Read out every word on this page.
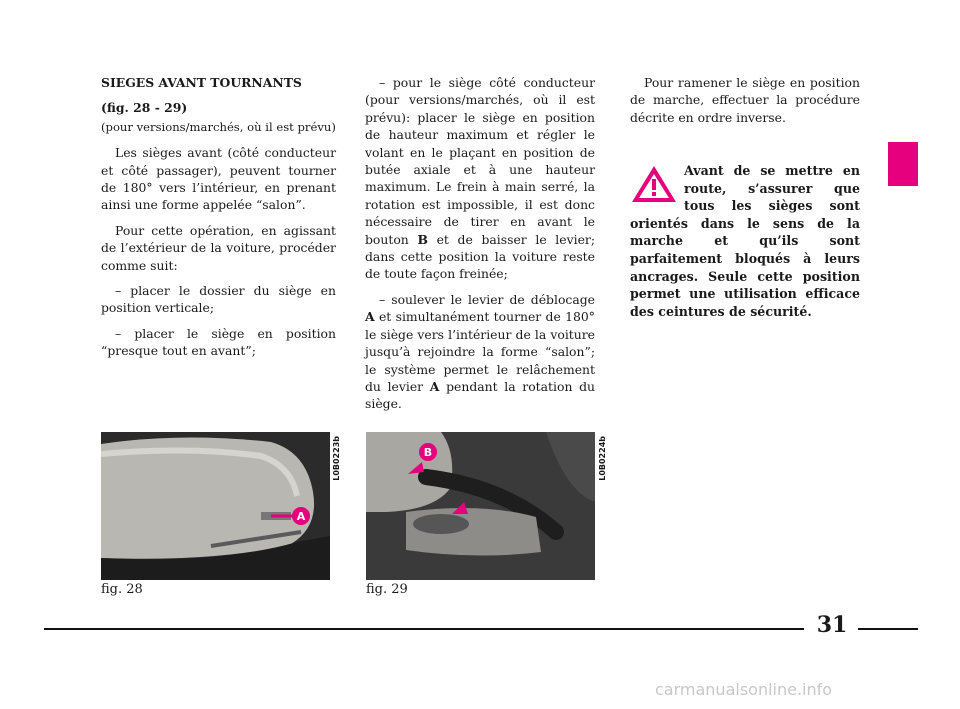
SIEGES AVANT TOURNANTS

(fig. 28 - 29)

(pour versions/marchés, où il est prévu)

Les sièges avant (côté conducteur et côté passager), peuvent tourner de 180° vers l’intérieur, en prenant ainsi une forme appelée “salon”.

Pour cette opération, en agissant de l’extérieur de la voiture, procéder comme suit:

– placer le dossier du siège en position verticale;

– placer le siège en position “presque tout en avant”;

– pour le siège côté conducteur (pour versions/marchés, où il est prévu): placer le siège en position de hauteur maximum et régler le volant en le plaçant en position de butée axiale et à une hauteur maximum. Le frein à main serré, la rotation est impossible, il est donc nécessaire de tirer en avant le bouton B et de baisser le levier; dans cette position la voiture reste de toute façon freinée;

– soulever le levier de déblocage A et simultanément tourner de 180° le siège vers l’intérieur de la voiture jusqu’à rejoindre la forme “salon”; le système permet le relâchement du levier A pendant la rotation du siège.

Pour ramener le siège en position de marche, effectuer la procédure décrite en ordre inverse.

Avant de se mettre en route, s’assurer que tous les sièges sont orientés dans le sens de la marche et qu’ils sont parfaitement bloqués à leurs ancrages. Seule cette position permet une utilisation efficace des ceintures de sécurité.
A
L0B0223b
fig. 28
B	L0B0224b
fig. 29
31
carmanualsonline.info
